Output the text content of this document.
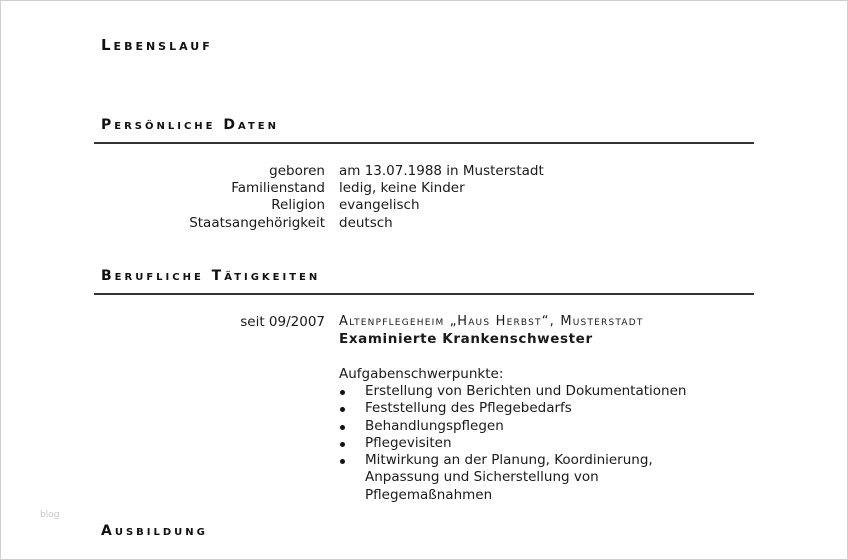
Lebenslauf
Persönliche Daten
geboren am 13.07.1988 in Musterstadt
Familienstand ledig, keine Kinder
Religion evangelisch
Staatsangehörigkeit deutsch
Berufliche Tätigkeiten
seit 09/2007 Altenpflegeheim „Haus Herbst“, Musterstadt
Examinierte Krankenschwester
Aufgabenschwerpunkte:
Erstellung von Berichten und Dokumentationen
Feststellung des Pflegebedarfs
Behandlungspflegen
Pflegevisiten
Mitwirkung an der Planung, Koordinierung,
Anpassung und Sicherstellung von
Pflegemaßnahmen
Ausbildung
blog
